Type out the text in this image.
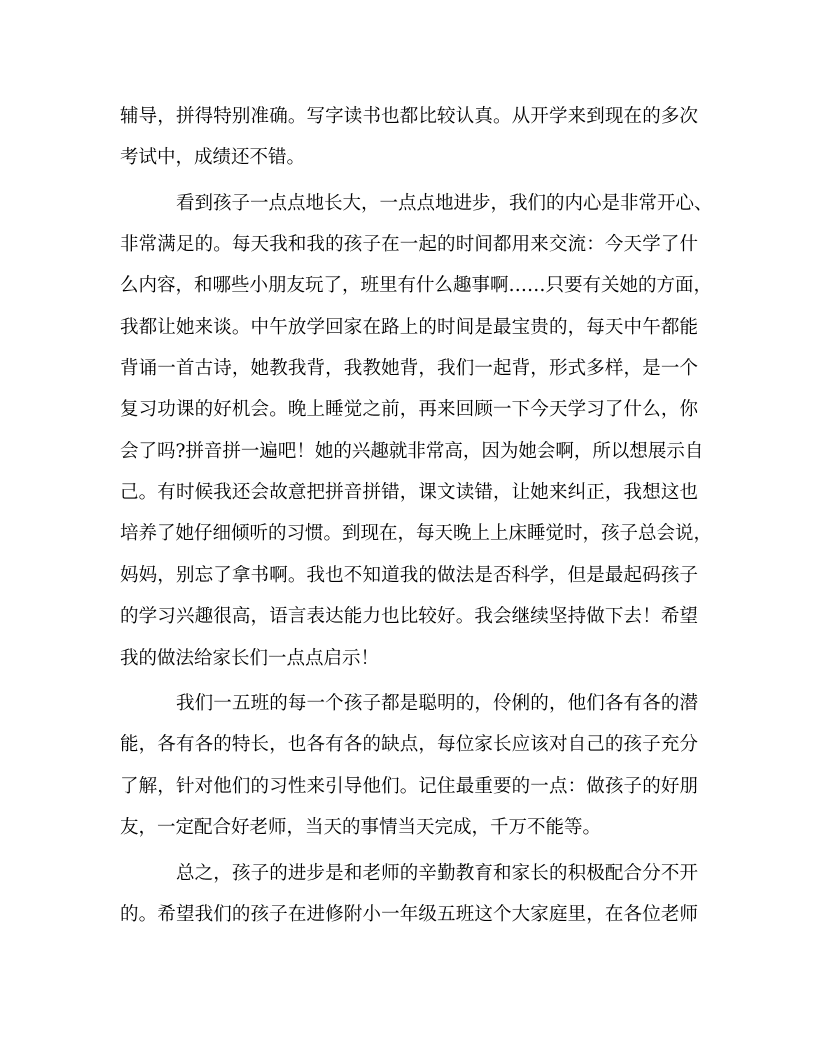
辅导，拼得特别准确。写字读书也都比较认真。从开学来到现在的多次
考试中，成绩还不错。
看到孩子一点点地长大，一点点地进步，我们的内心是非常开心、
非常满足的。每天我和我的孩子在一起的时间都用来交流：今天学了什
么内容，和哪些小朋友玩了，班里有什么趣事啊……只要有关她的方面，
我都让她来谈。中午放学回家在路上的时间是最宝贵的，每天中午都能
背诵一首古诗，她教我背，我教她背，我们一起背，形式多样，是一个
复习功课的好机会。晚上睡觉之前，再来回顾一下今天学习了什么，你
会了吗?拼音拼一遍吧！她的兴趣就非常高，因为她会啊，所以想展示自
己。有时候我还会故意把拼音拼错，课文读错，让她来纠正，我想这也
培养了她仔细倾听的习惯。到现在，每天晚上上床睡觉时，孩子总会说，
妈妈，别忘了拿书啊。我也不知道我的做法是否科学，但是最起码孩子
的学习兴趣很高，语言表达能力也比较好。我会继续坚持做下去！希望
我的做法给家长们一点点启示！
我们一五班的每一个孩子都是聪明的，伶俐的，他们各有各的潜
能，各有各的特长，也各有各的缺点，每位家长应该对自己的孩子充分
了解，针对他们的习性来引导他们。记住最重要的一点：做孩子的好朋
友，一定配合好老师，当天的事情当天完成，千万不能等。
总之，孩子的进步是和老师的辛勤教育和家长的积极配合分不开
的。希望我们的孩子在进修附小一年级五班这个大家庭里，在各位老师
